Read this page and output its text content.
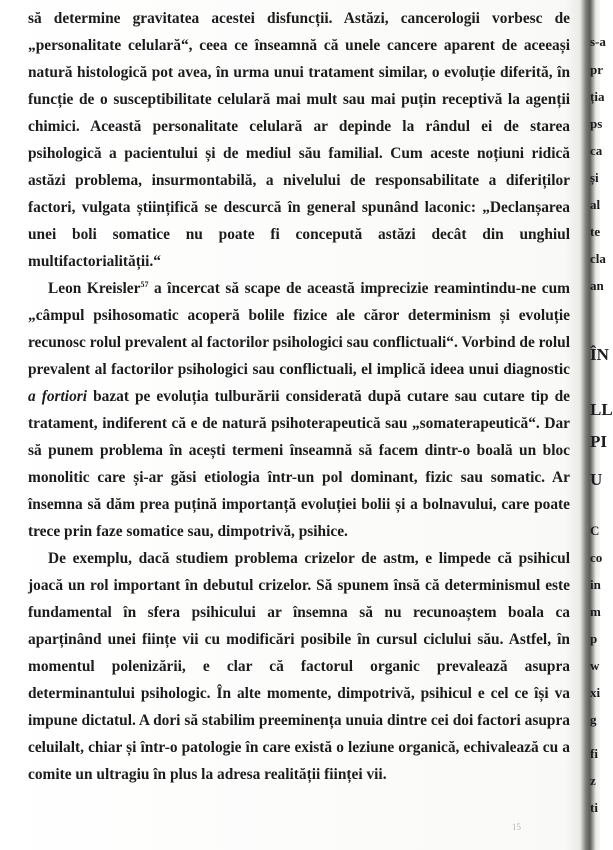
să determine gravitatea acestei disfuncții. Astăzi, cancerologii vorbesc de „personalitate celulară“, ceea ce înseamnă că unele cancere aparent de aceeași natură histologică pot avea, în urma unui tratament similar, o evoluție diferită, în funcție de o susceptibilitate celulară mai mult sau mai puțin receptivă la agenții chimici. Această personalitate celulară ar depinde la rândul ei de starea psihologică a pacientului și de mediul său familial. Cum aceste noțiuni ridică astăzi problema, insurmontabilă, a nivelului de responsabilitate a diferiților factori, vulgata științifică se descurcă în general spunând laconic: „Declanșarea unei boli somatice nu poate fi concepută astăzi decât din unghiul multifactorialității.“

Leon Kreisler$^{57}$ a încercat să scape de această imprecizie reamintindu-ne cum „câmpul psihosomatic acoperă bolile fizice ale căror determinism și evoluție recunosc rolul prevalent al factorilor psihologici sau conflictuali“. Vorbind de rolul prevalent al factorilor psihologici sau conflictuali, el implică ideea unui diagnostic a fortiori bazat pe evoluția tulburării considerată după cutare sau cutare tip de tratament, indiferent că e de natură psihoterapeutică sau „somaterapeutică“. Dar să punem problema în acești termeni înseamnă să facem dintr-o boală un bloc monolitic care și-ar găsi etiologia într-un pol dominant, fizic sau somatic. Ar însemna să dăm prea puțină importanță evoluției bolii și a bolnavului, care poate trece prin faze somatice sau, dimpotrivă, psihice.

De exemplu, dacă studiem problema crizelor de astm, e limpede că psihicul joacă un rol important în debutul crizelor. Să spunem însă că determinismul este fundamental în sfera psihicului ar însemna să nu recunoaștem boala ca aparținând unei ființe vii cu modificări posibile în cursul ciclului său. Astfel, în momentul polenizării, e clar că factorul organic prevalează asupra determinantului psihologic. În alte momente, dimpotrivă, psihicul e cel ce își va impune dictatul. A dori să stabilim preeminența unuia dintre cei doi factori asupra celuilalt, chiar și într-o patologie în care există o leziune organică, echivalează cu a comite un ultragiu în plus la adresa realității ființei vii.

15
s-a
pr
ția
ps
ca
și
al
te
cla
an
ÎN
LL
PI
U
C
co
in
m
p
w
xi
g
fi
z
ti
